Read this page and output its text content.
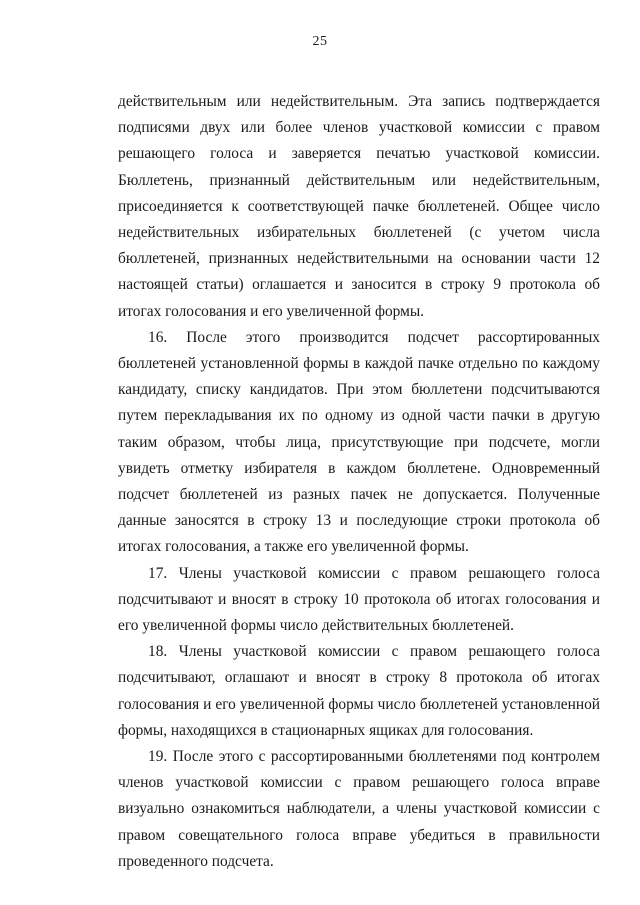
25

действительным или недействительным. Эта запись подтверждается подписями двух или более членов участковой комиссии с правом решающего голоса и заверяется печатью участковой комиссии. Бюллетень, признанный действительным или недействительным, присоединяется к соответствующей пачке бюллетеней. Общее число недействительных избирательных бюллетеней (с учетом числа бюллетеней, признанных недействительными на основании части 12 настоящей статьи) оглашается и заносится в строку 9 протокола об итогах голосования и его увеличенной формы.

16. После этого производится подсчет рассортированных бюллетеней установленной формы в каждой пачке отдельно по каждому кандидату, списку кандидатов. При этом бюллетени подсчитываются путем перекладывания их по одному из одной части пачки в другую таким образом, чтобы лица, присутствующие при подсчете, могли увидеть отметку избирателя в каждом бюллетене. Одновременный подсчет бюллетеней из разных пачек не допускается. Полученные данные заносятся в строку 13 и последующие строки протокола об итогах голосования, а также его увеличенной формы.

17. Члены участковой комиссии с правом решающего голоса подсчитывают и вносят в строку 10 протокола об итогах голосования и его увеличенной формы число действительных бюллетеней.

18. Члены участковой комиссии с правом решающего голоса подсчитывают, оглашают и вносят в строку 8 протокола об итогах голосования и его увеличенной формы число бюллетеней установленной формы, находящихся в стационарных ящиках для голосования.

19. После этого с рассортированными бюллетенями под контролем членов участковой комиссии с правом решающего голоса вправе визуально ознакомиться наблюдатели, а члены участковой комиссии с правом совещательного голоса вправе убедиться в правильности проведенного подсчета.
